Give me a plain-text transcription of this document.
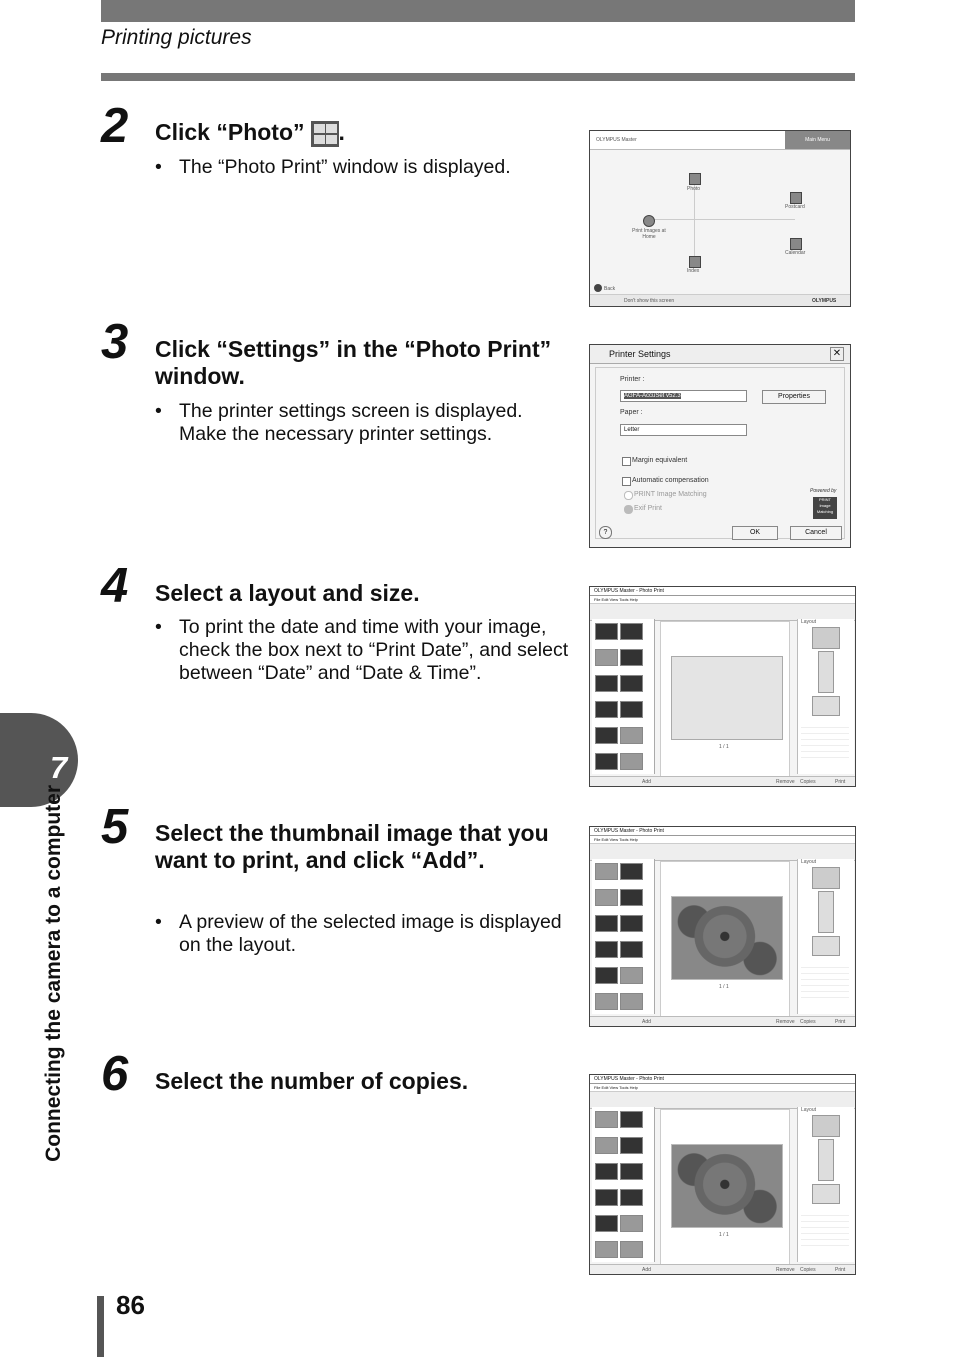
Printing pictures
7
Connecting the camera to a computer
86
2 Click “Photo” .
• The “Photo Print” window is displayed.
OLYMPUS Master	Main Menu
Photo
Postcard
Print Images at Home
Calendar
Index
Back
Don't show this screen	OLYMPUS
3 Click “Settings” in the “Photo Print” window.
• The printer settings screen is displayed. Make the necessary printer settings.
Printer Settings	✕
Printer :
AGFA-AccuSet v52.3	Properties
Paper :
Letter
Margin equivalent
Automatic compensation
PRINT Image Matching
Exif Print
Powered by
PRINT Image Matching
?	OK	Cancel
4 Select a layout and size.
• To print the date and time with your image, check the box next to “Print Date”, and select between “Date” and “Date & Time”.
OLYMPUS Master - Photo Print
File Edit View Tools Help
1 / 1
Layout
Add	Remove Copies	Print
5 Select the thumbnail image that you want to print, and click “Add”.
• A preview of the selected image is displayed on the layout.
OLYMPUS Master - Photo Print
File Edit View Tools Help
1 / 1
Layout
Add	Remove Copies	Print
6 Select the number of copies.	OLYMPUS Master - Photo Print
File Edit View Tools Help
1 / 1
Layout
Add	Remove Copies	Print
